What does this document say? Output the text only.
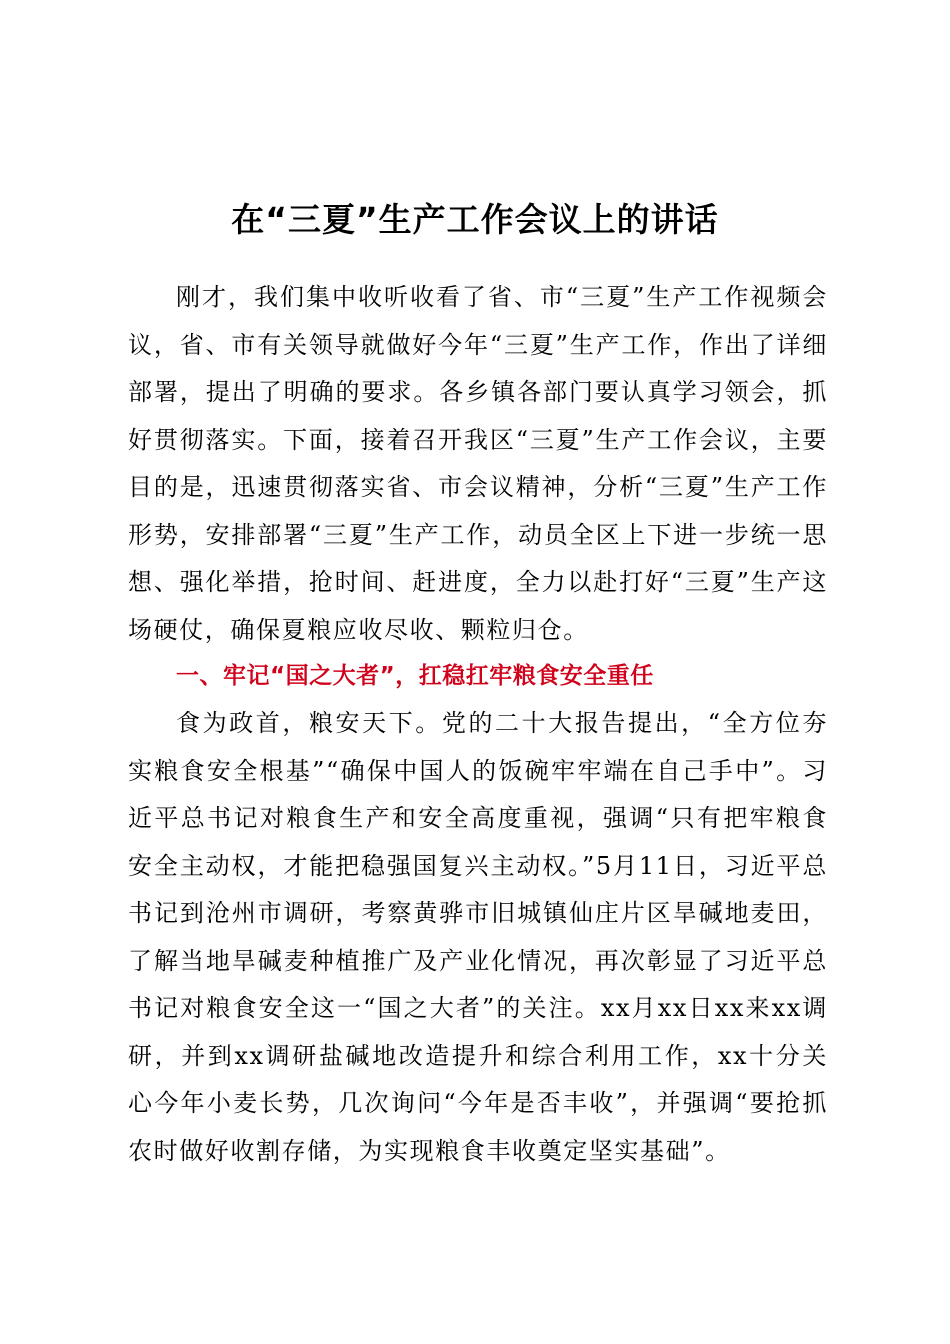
在“三夏”生产工作会议上的讲话

刚才，我们集中收听收看了省、市“三夏”生产工作视频会议，省、市有关领导就做好今年“三夏”生产工作，作出了详细部署，提出了明确的要求。各乡镇各部门要认真学习领会，抓好贯彻落实。下面，接着召开我区“三夏”生产工作会议，主要目的是，迅速贯彻落实省、市会议精神，分析“三夏”生产工作形势，安排部署“三夏”生产工作，动员全区上下进一步统一思想、强化举措，抢时间、赶进度，全力以赴打好“三夏”生产这场硬仗，确保夏粮应收尽收、颗粒归仓。

一、牢记“国之大者”，扛稳扛牢粮食安全重任

食为政首，粮安天下。党的二十大报告提出，“全方位夯实粮食安全根基”“确保中国人的饭碗牢牢端在自己手中”。习近平总书记对粮食生产和安全高度重视，强调“只有把牢粮食安全主动权，才能把稳强国复兴主动权。”5月11日，习近平总书记到沧州市调研，考察黄骅市旧城镇仙庄片区旱碱地麦田，了解当地旱碱麦种植推广及产业化情况，再次彰显了习近平总书记对粮食安全这一“国之大者”的关注。xx月xx日xx来xx调研，并到xx调研盐碱地改造提升和综合利用工作，xx十分关心今年小麦长势，几次询问“今年是否丰收”，并强调“要抢抓农时做好收割存储，为实现粮食丰收奠定坚实基础”。
